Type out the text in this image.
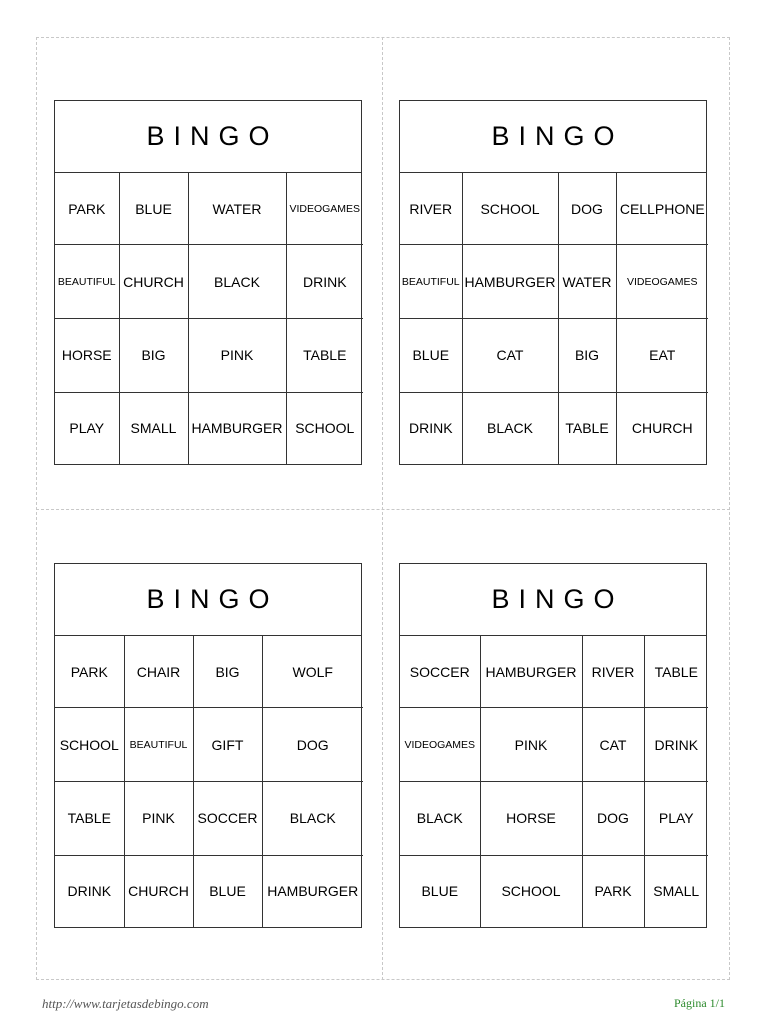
BINGO
PARK	BLUE	WATER	VIDEOGAMES
BEAUTIFUL	CHURCH	BLACK	DRINK
HORSE	BIG	PINK	TABLE
PLAY	SMALL	HAMBURGER	SCHOOL
BINGO
RIVER	SCHOOL	DOG	CELLPHONE
BEAUTIFUL	HAMBURGER	WATER	VIDEOGAMES
BLUE	CAT	BIG	EAT
DRINK	BLACK	TABLE	CHURCH
BINGO
PARK	CHAIR	BIG	WOLF
SCHOOL	BEAUTIFUL	GIFT	DOG
TABLE	PINK	SOCCER	BLACK
DRINK	CHURCH	BLUE	HAMBURGER
BINGO
SOCCER	HAMBURGER	RIVER	TABLE
VIDEOGAMES	PINK	CAT	DRINK
BLACK	HORSE	DOG	PLAY
BLUE	SCHOOL	PARK	SMALL
http://www.tarjetasdebingo.com	Página 1/1
